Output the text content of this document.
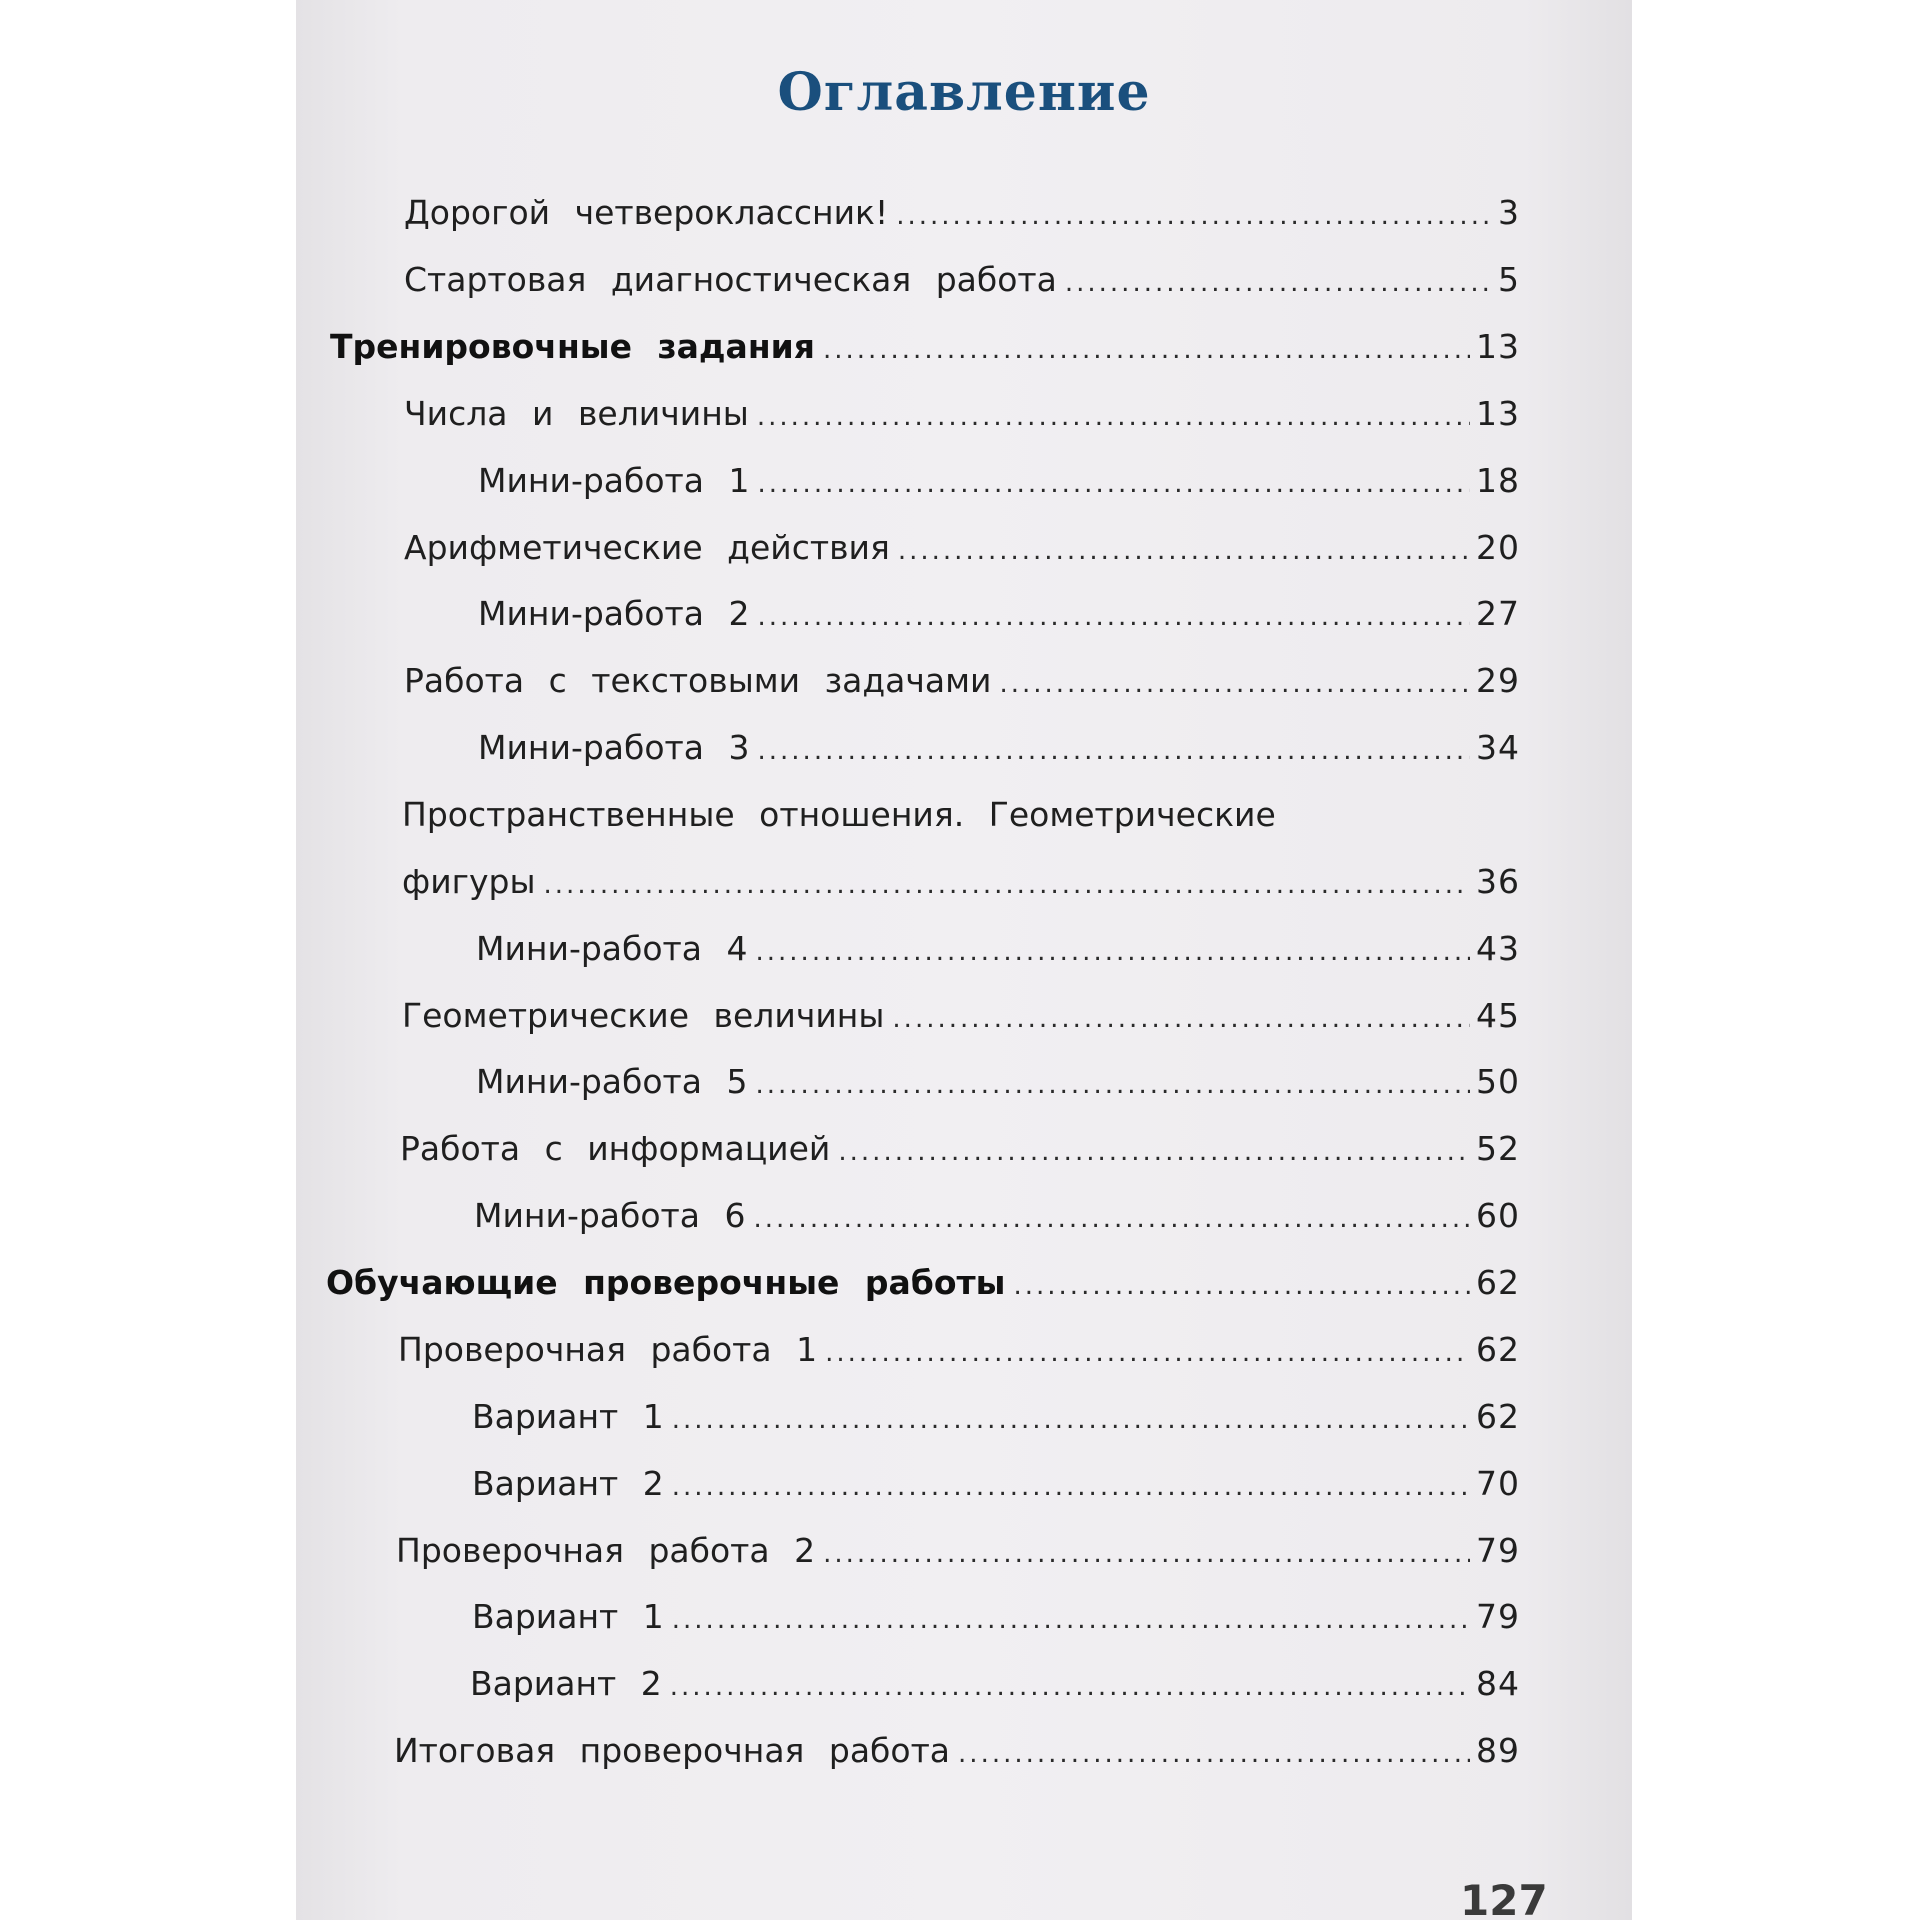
Оглавление
Дорогой четвероклассник! .....	3
Стартовая диагностическая работа .....	5
Тренировочные задания .....	13
Числа и величины .....	13
Мини-работа 1 .....	18
Арифметические действия .....	20
Мини-работа 2 .....	27
Работа с текстовыми задачами .....	29
Мини-работа 3 .....	34
Пространственные отношения. Геометрические
фигуры .....	36
Мини-работа 4 .....	43
Геометрические величины .....	45
Мини-работа 5 .....	50
Работа с информацией .....	52
Мини-работа 6 .....	60
Обучающие проверочные работы .....	62
Проверочная работа 1 .....	62
Вариант 1 .....	62
Вариант 2 .....	70
Проверочная работа 2 .....	79
Вариант 1 .....	79
Вариант 2 .....	84
Итоговая проверочная работа .....	89
127
